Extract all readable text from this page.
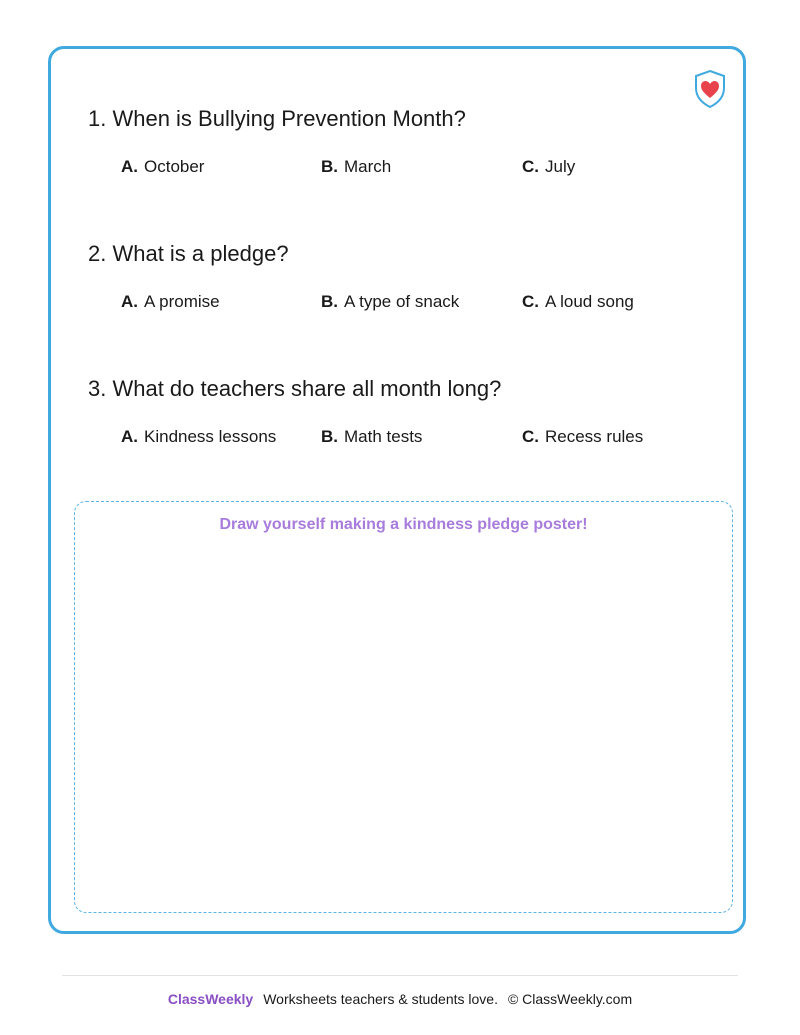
1. When is Bullying Prevention Month?
A. October	B. March	C. July
2. What is a pledge?
A. A promise	B. A type of snack	C. A loud song
3. What do teachers share all month long?
A. Kindness lessons	B. Math tests	C. Recess rules
Draw yourself making a kindness pledge poster!
ClassWeekly Worksheets teachers & students love. © ClassWeekly.com
